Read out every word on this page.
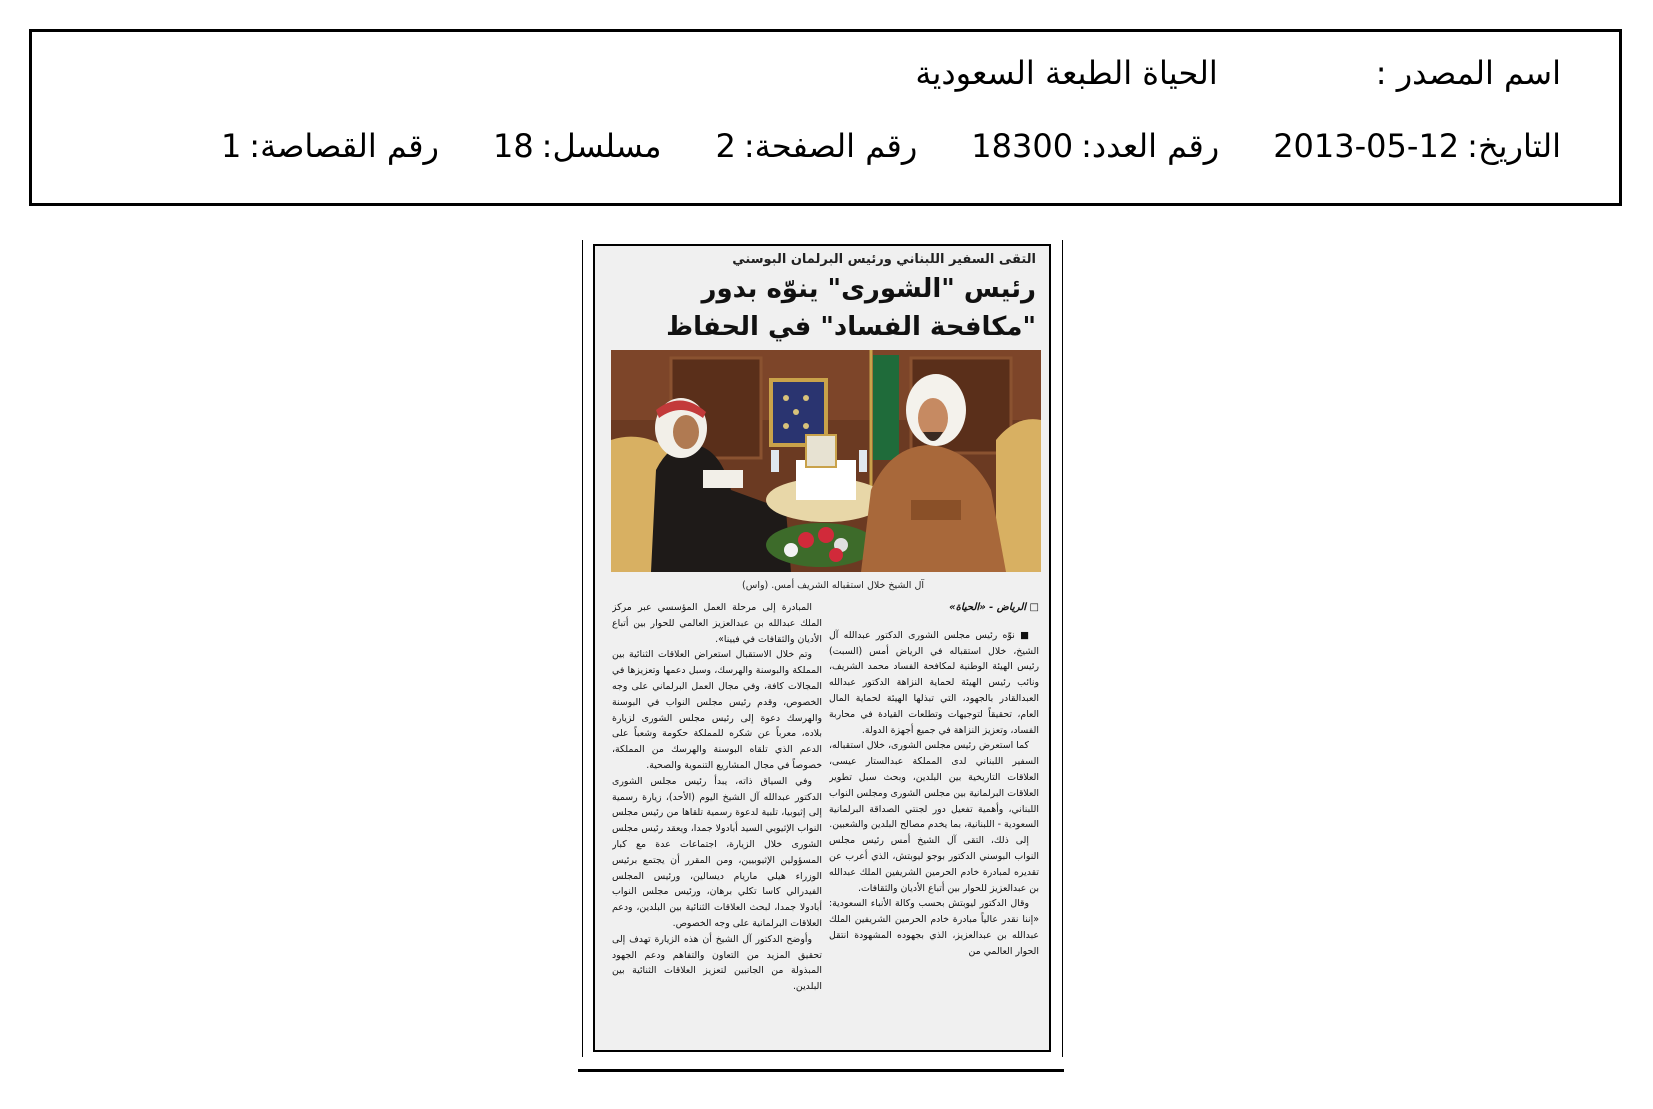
اسم المصدر :
الحياة الطبعة السعودية
التاريخ:2013-05-12
رقم العدد:18300
رقم الصفحة:2
مسلسل:18
رقم القصاصة:1
التقى السفير اللبناني ورئيس البرلمان البوسني
رئيس "الشورى" ينوّه بدور "مكافحة الفساد" في الحفاظ
آل الشيخ خلال استقباله الشريف أمس. (واس)

□ الرياض - «الحياة»

■ نوّه رئيس مجلس الشورى الدكتور عبدالله آل الشيخ، خلال استقباله في الرياض أمس (السبت) رئيس الهيئة الوطنية لمكافحة الفساد محمد الشريف، ونائب رئيس الهيئة لحماية النزاهة الدكتور عبدالله العبدالقادر بالجهود، التي تبذلها الهيئة لحماية المال العام، تحقيقاً لتوجيهات وتطلعات القيادة في محاربة الفساد، وتعزيز النزاهة في جميع أجهزة الدولة.

كما استعرض رئيس مجلس الشورى، خلال استقباله، السفير اللبناني لدى المملكة عبدالستار عيسى، العلاقات التاريخية بين البلدين، وبحث سبل تطوير العلاقات البرلمانية بين مجلس الشورى ومجلس النواب اللبناني، وأهمية تفعيل دور لجنتي الصداقة البرلمانية السعودية - اللبنانية، بما يخدم مصالح البلدين والشعبين.

إلى ذلك، التقى آل الشيخ أمس رئيس مجلس النواب البوسني الدكتور بوجو ليوبتش، الذي أعرب عن تقديره لمبادرة خادم الحرمين الشريفين الملك عبدالله بن عبدالعزيز للحوار بين أتباع الأديان والثقافات.

وقال الدكتور ليوبتش بحسب وكالة الأنباء السعودية: «إننا نقدر عالياً مبادرة خادم الحرمين الشريفين الملك عبدالله بن عبدالعزيز، الذي بجهوده المشهودة انتقل الحوار العالمي من

المبادرة إلى مرحلة العمل المؤسسي عبر مركز الملك عبدالله بن عبدالعزيز العالمي للحوار بين أتباع الأديان والثقافات في فيينا».

وتم خلال الاستقبال استعراض العلاقات الثنائية بين المملكة والبوسنة والهرسك، وسبل دعمها وتعزيزها في المجالات كافة، وفي مجال العمل البرلماني على وجه الخصوص، وقدم رئيس مجلس النواب في البوسنة والهرسك دعوة إلى رئيس مجلس الشورى لزيارة بلاده، معرباً عن شكره للمملكة حكومة وشعباً على الدعم الذي تلقاه البوسنة والهرسك من المملكة، خصوصاً في مجال المشاريع التنموية والصحية.

وفي السياق ذاته، يبدأ رئيس مجلس الشورى الدكتور عبدالله آل الشيخ اليوم (الأحد)، زيارة رسمية إلى إثيوبيا، تلبية لدعوة رسمية تلقاها من رئيس مجلس النواب الإثيوبي السيد أبادولا جمدا، ويعقد رئيس مجلس الشورى خلال الزيارة، اجتماعات عدة مع كبار المسؤولين الإثيوبيين، ومن المقرر أن يجتمع برئيس الوزراء هيلي ماريام ديسالين، ورئيس المجلس الفيدرالي كاسا تكلي برهان، ورئيس مجلس النواب أبادولا جمدا، لبحث العلاقات الثنائية بين البلدين، ودعم العلاقات البرلمانية على وجه الخصوص.

وأوضح الدكتور آل الشيخ أن هذه الزيارة تهدف إلى تحقيق المزيد من التعاون والتفاهم ودعم الجهود المبذولة من الجانبين لتعزيز العلاقات الثنائية بين البلدين.
